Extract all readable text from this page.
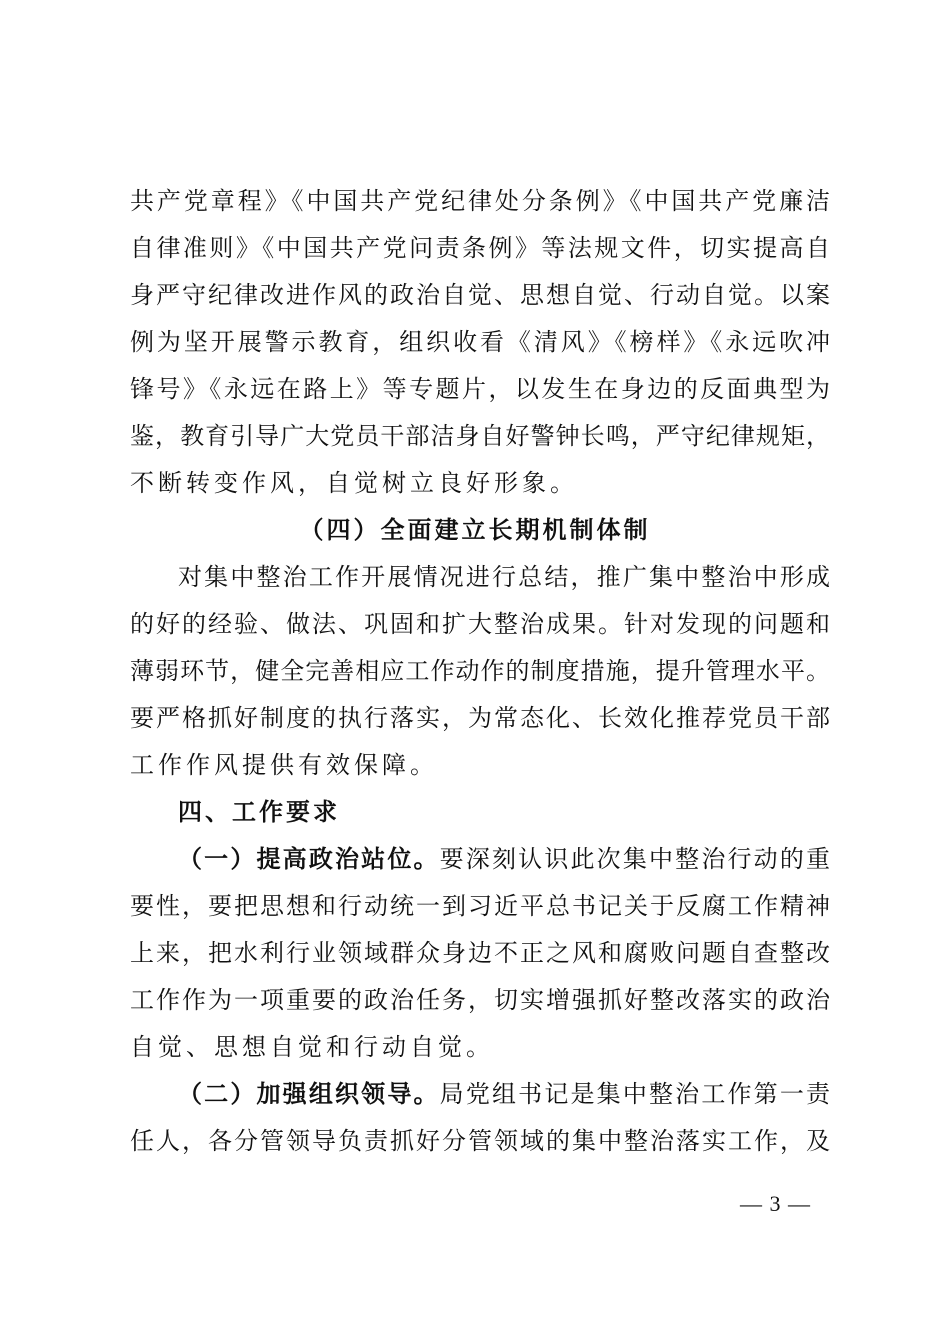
共产党章程》《中国共产党纪律处分条例》《中国共产党廉洁
自律准则》《中国共产党问责条例》等法规文件，切实提高自
身严守纪律改进作风的政治自觉、思想自觉、行动自觉。以案
例为坚开展警示教育，组织收看《清风》《榜样》《永远吹冲
锋号》《永远在路上》等专题片，以发生在身边的反面典型为
鉴，教育引导广大党员干部洁身自好警钟长鸣，严守纪律规矩，
不断转变作风，自觉树立良好形象。
（四）全面建立长期机制体制
对集中整治工作开展情况进行总结，推广集中整治中形成
的好的经验、做法、巩固和扩大整治成果。针对发现的问题和
薄弱环节，健全完善相应工作动作的制度措施，提升管理水平。
要严格抓好制度的执行落实，为常态化、长效化推荐党员干部
工作作风提供有效保障。
四、工作要求
（一）提高政治站位。要深刻认识此次集中整治行动的重
要性，要把思想和行动统一到习近平总书记关于反腐工作精神
上来，把水利行业领域群众身边不正之风和腐败问题自查整改
工作作为一项重要的政治任务，切实增强抓好整改落实的政治
自觉、思想自觉和行动自觉。
（二）加强组织领导。局党组书记是集中整治工作第一责
任人，各分管领导负责抓好分管领域的集中整治落实工作，及
— 3 —
